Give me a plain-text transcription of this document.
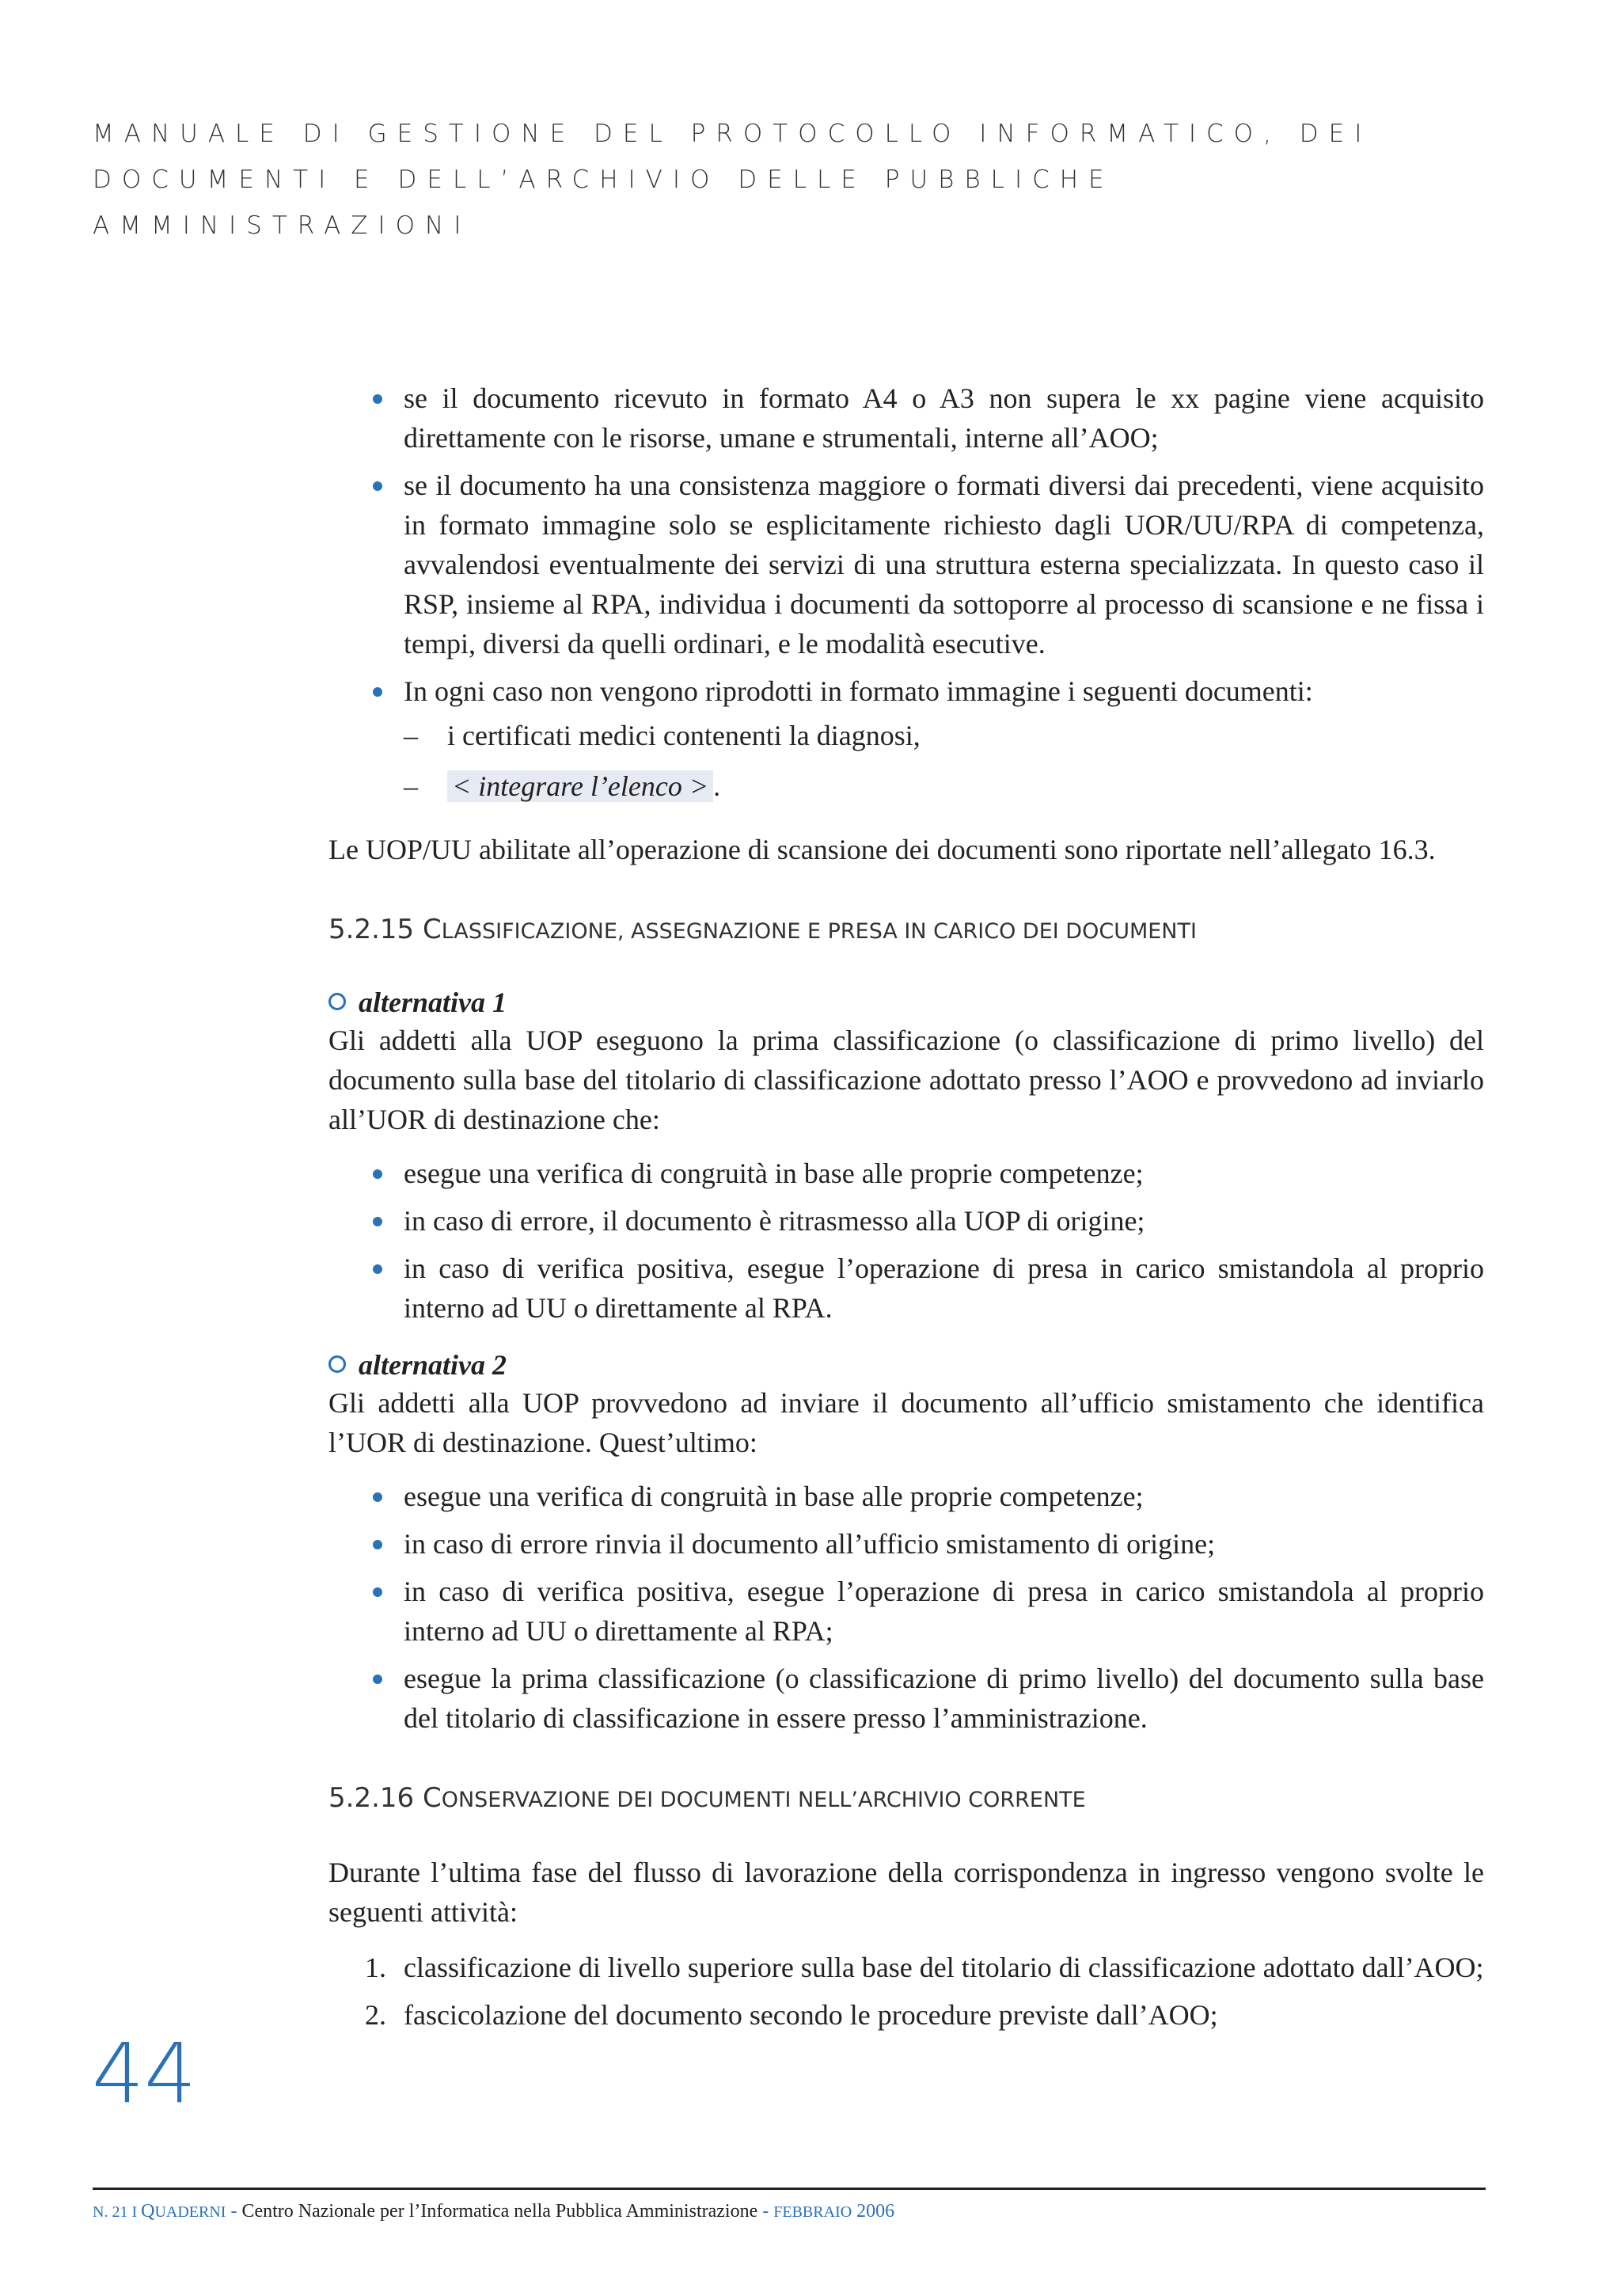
MANUALE DI GESTIONE DEL PROTOCOLLO INFORMATICO, DEI
DOCUMENTI E DELL’ARCHIVIO DELLE PUBBLICHE AMMINISTRAZIONI
se il documento ricevuto in formato A4 o A3 non supera le xx pagine viene acquisito direttamente con le risorse, umane e strumentali, interne all’AOO;
se il documento ha una consistenza maggiore o formati diversi dai precedenti, viene acquisito in formato immagine solo se esplicitamente richiesto dagli UOR/UU/RPA di competenza, avvalendosi eventualmente dei servizi di una struttura esterna specializzata. In questo caso il RSP, insieme al RPA, individua i documenti da sottoporre al processo di scansione e ne fissa i tempi, diversi da quelli ordinari, e le modalità esecutive.
In ogni caso non vengono riprodotti in formato immagine i seguenti documenti:
– i certificati medici contenenti la diagnosi,
– < integrare l’elenco > .

Le UOP/UU abilitate all’operazione di scansione dei documenti sono riportate nell’allegato 16.3.

5.2.15 CLASSIFICAZIONE, ASSEGNAZIONE E PRESA IN CARICO DEI DOCUMENTI
alternativa 1

Gli addetti alla UOP eseguono la prima classificazione (o classificazione di primo livello) del documento sulla base del titolario di classificazione adottato presso l’AOO e provvedono ad inviarlo all’UOR di destinazione che:

esegue una verifica di congruità in base alle proprie competenze;
in caso di errore, il documento è ritrasmesso alla UOP di origine;
in caso di verifica positiva, esegue l’operazione di presa in carico smistandola al proprio interno ad UU o direttamente al RPA.
alternativa 2

Gli addetti alla UOP provvedono ad inviare il documento all’ufficio smistamento che identifica l’UOR di destinazione. Quest’ultimo:

esegue una verifica di congruità in base alle proprie competenze;
in caso di errore rinvia il documento all’ufficio smistamento di origine;
in caso di verifica positiva, esegue l’operazione di presa in carico smistandola al proprio interno ad UU o direttamente al RPA;
esegue la prima classificazione (o classificazione di primo livello) del documento sulla base del titolario di classificazione in essere presso l’amministrazione.
5.2.16 CONSERVAZIONE DEI DOCUMENTI NELL’ARCHIVIO CORRENTE

Durante l’ultima fase del flusso di lavorazione della corrispondenza in ingresso vengono svolte le seguenti attività:

1. classificazione di livello superiore sulla base del titolario di classificazione adottato dall’AOO;
2. fascicolazione del documento secondo le procedure previste dall’AOO;
44
N. 21 I QUADERNI - Centro Nazionale per l’Informatica nella Pubblica Amministrazione - FEBBRAIO 2006
